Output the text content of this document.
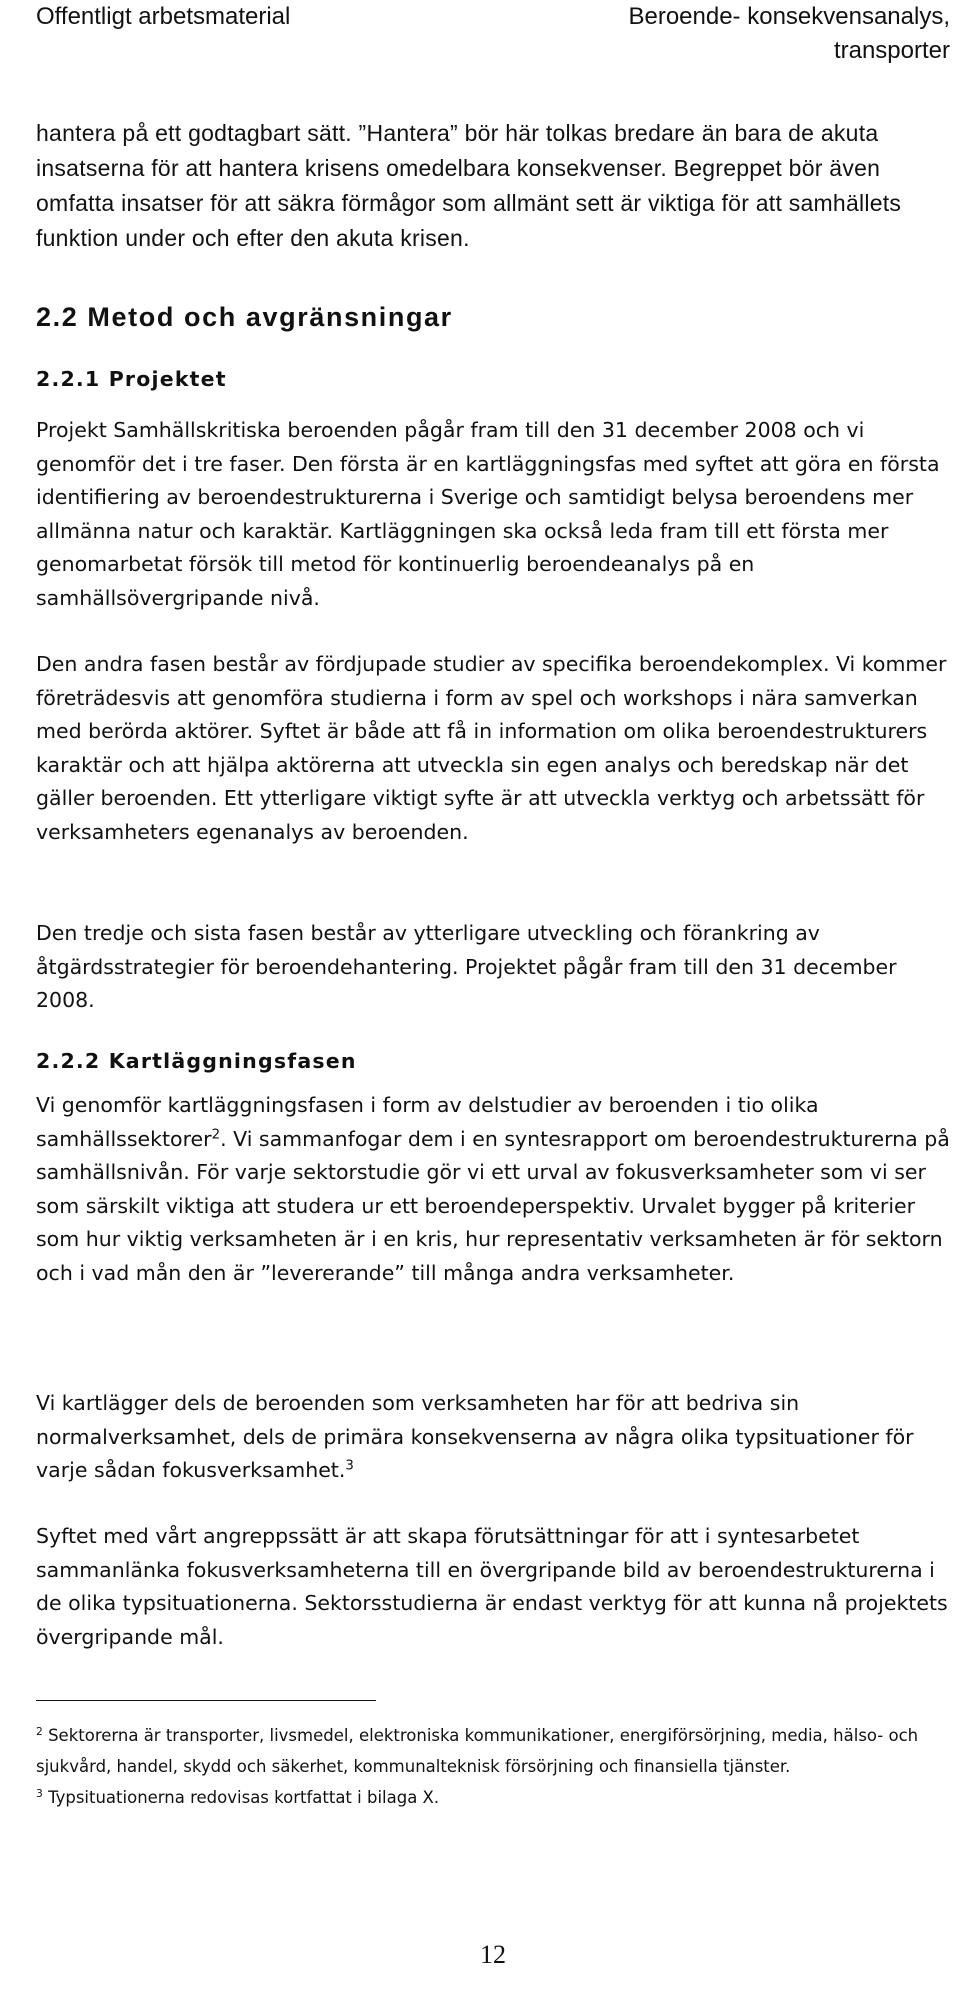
Offentligt arbetsmaterial	Beroende- konsekvensanalys, transporter

hantera på ett godtagbart sätt. ”Hantera” bör här tolkas bredare än bara de akuta insatserna för att hantera krisens omedelbara konsekvenser. Begreppet bör även omfatta insatser för att säkra förmågor som allmänt sett är viktiga för att samhällets funktion under och efter den akuta krisen.

2.2 Metod och avgränsningar
2.2.1 Projektet

Projekt Samhällskritiska beroenden pågår fram till den 31 december 2008 och vi genomför det i tre faser. Den första är en kartläggningsfas med syftet att göra en första identifiering av beroendestrukturerna i Sverige och samtidigt belysa beroendens mer allmänna natur och karaktär. Kartläggningen ska också leda fram till ett första mer genomarbetat försök till metod för kontinuerlig beroendeanalys på en samhällsövergripande nivå.

Den andra fasen består av fördjupade studier av specifika beroendekomplex. Vi kommer företrädesvis att genomföra studierna i form av spel och workshops i nära samverkan med berörda aktörer. Syftet är både att få in information om olika beroendestrukturers karaktär och att hjälpa aktörerna att utveckla sin egen analys och beredskap när det gäller beroenden. Ett ytterligare viktigt syfte är att utveckla verktyg och arbetssätt för verksamheters egenanalys av beroenden.

Den tredje och sista fasen består av ytterligare utveckling och förankring av åtgärdsstrategier för beroendehantering. Projektet pågår fram till den 31 december 2008.

2.2.2 Kartläggningsfasen

Vi genomför kartläggningsfasen i form av delstudier av beroenden i tio olika samhällssektorer$^2$. Vi sammanfogar dem i en syntesrapport om beroendestrukturerna på samhällsnivån. För varje sektorstudie gör vi ett urval av fokusverksamheter som vi ser som särskilt viktiga att studera ur ett beroendeperspektiv. Urvalet bygger på kriterier som hur viktig verksamheten är i en kris, hur representativ verksamheten är för sektorn och i vad mån den är ”levererande” till många andra verksamheter.

Vi kartlägger dels de beroenden som verksamheten har för att bedriva sin normalverksamhet, dels de primära konsekvenserna av några olika typsituationer för varje sådan fokusverksamhet.$^3$

Syftet med vårt angreppssätt är att skapa förutsättningar för att i syntesarbetet sammanlänka fokusverksamheterna till en övergripande bild av beroendestrukturerna i de olika typsituationerna. Sektorsstudierna är endast verktyg för att kunna nå projektets övergripande mål.

$^2$ Sektorerna är transporter, livsmedel, elektroniska kommunikationer, energiförsörjning, media, hälso- och sjukvård, handel, skydd och säkerhet, kommunalteknisk försörjning och finansiella tjänster.

$^3$ Typsituationerna redovisas kortfattat i bilaga X.

12
